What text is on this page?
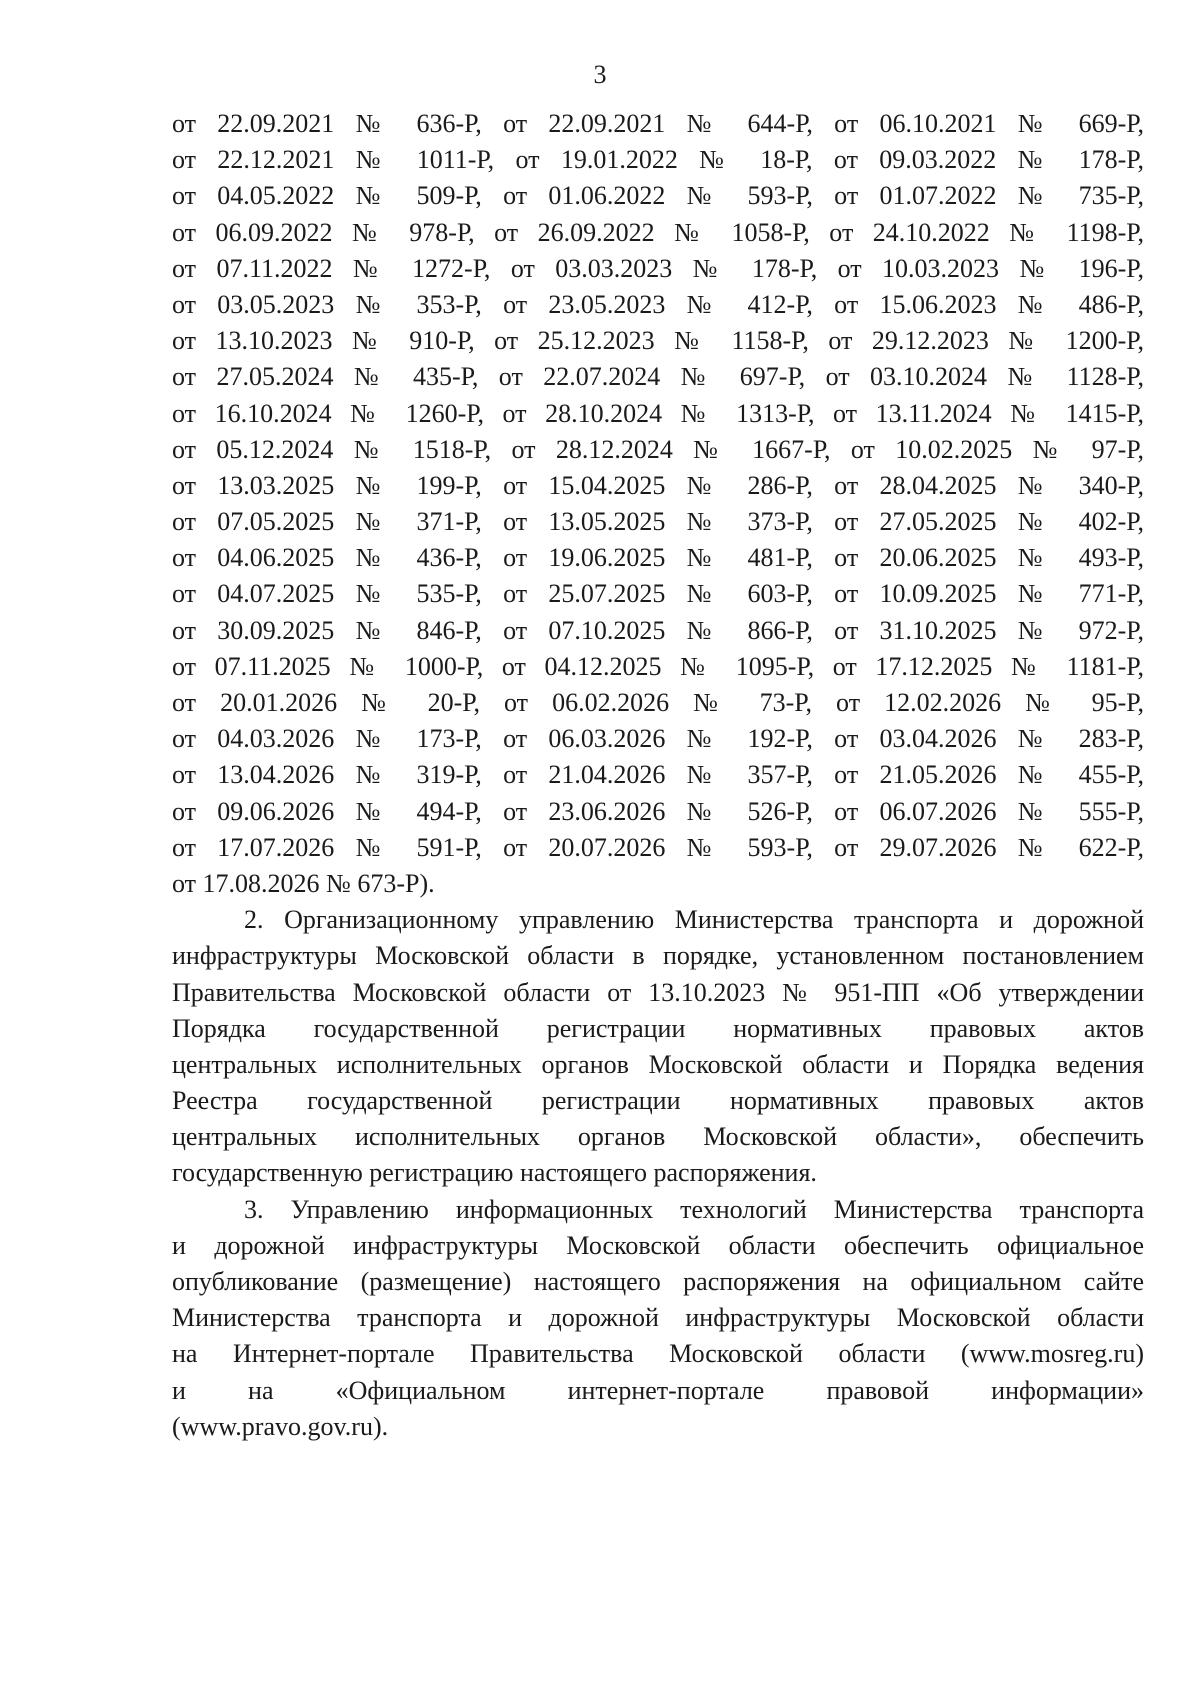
3
от 22.09.2021 № 636-Р, от 22.09.2021 № 644-Р, от 06.10.2021 № 669-Р,
от 22.12.2021 № 1011-Р, от 19.01.2022 № 18-Р, от 09.03.2022 № 178-Р,
от 04.05.2022 № 509-Р, от 01.06.2022 № 593-Р, от 01.07.2022 № 735-Р,
от 06.09.2022 № 978-Р, от 26.09.2022 № 1058-Р, от 24.10.2022 № 1198-Р,
от 07.11.2022 № 1272-Р, от 03.03.2023 № 178-Р, от 10.03.2023 № 196-Р,
от 03.05.2023 № 353-Р, от 23.05.2023 № 412-Р, от 15.06.2023 № 486-Р,
от 13.10.2023 № 910-Р, от 25.12.2023 № 1158-Р, от 29.12.2023 № 1200-Р,
от 27.05.2024 № 435-Р, от 22.07.2024 № 697-Р, от 03.10.2024 № 1128-Р,
от 16.10.2024 № 1260-Р, от 28.10.2024 № 1313-Р, от 13.11.2024 № 1415-Р,
от 05.12.2024 № 1518-Р, от 28.12.2024 № 1667-Р, от 10.02.2025 № 97-Р,
от 13.03.2025 № 199-Р, от 15.04.2025 № 286-Р, от 28.04.2025 № 340-Р,
от 07.05.2025 № 371-Р, от 13.05.2025 № 373-Р, от 27.05.2025 № 402-Р,
от 04.06.2025 № 436-Р, от 19.06.2025 № 481-Р, от 20.06.2025 № 493-Р,
от 04.07.2025 № 535-Р, от 25.07.2025 № 603-Р, от 10.09.2025 № 771-Р,
от 30.09.2025 № 846-Р, от 07.10.2025 № 866-Р, от 31.10.2025 № 972-Р,
от 07.11.2025 № 1000-Р, от 04.12.2025 № 1095-Р, от 17.12.2025 № 1181-Р,
от 20.01.2026 № 20-Р, от 06.02.2026 № 73-Р, от 12.02.2026 № 95-Р,
от 04.03.2026 № 173-Р, от 06.03.2026 № 192-Р, от 03.04.2026 № 283-Р,
от 13.04.2026 № 319-Р, от 21.04.2026 № 357-Р, от 21.05.2026 № 455-Р,
от 09.06.2026 № 494-Р, от 23.06.2026 № 526-Р, от 06.07.2026 № 555-Р,
от 17.07.2026 № 591-Р, от 20.07.2026 № 593-Р, от 29.07.2026 № 622-Р,
от 17.08.2026 № 673-Р).
2. Организационному управлению Министерства транспорта и дорожной
инфраструктуры Московской области в порядке, установленном постановлением
Правительства Московской области от 13.10.2023 № 951-ПП «Об утверждении
Порядка государственной регистрации нормативных правовых актов
центральных исполнительных органов Московской области и Порядка ведения
Реестра государственной регистрации нормативных правовых актов
центральных исполнительных органов Московской области», обеспечить
государственную регистрацию настоящего распоряжения.
3. Управлению информационных технологий Министерства транспорта
и дорожной инфраструктуры Московской области обеспечить официальное
опубликование (размещение) настоящего распоряжения на официальном сайте
Министерства транспорта и дорожной инфраструктуры Московской области
на Интернет-портале Правительства Московской области (www.mosreg.ru)
и на «Официальном интернет-портале правовой информации»
(www.pravo.gov.ru).
